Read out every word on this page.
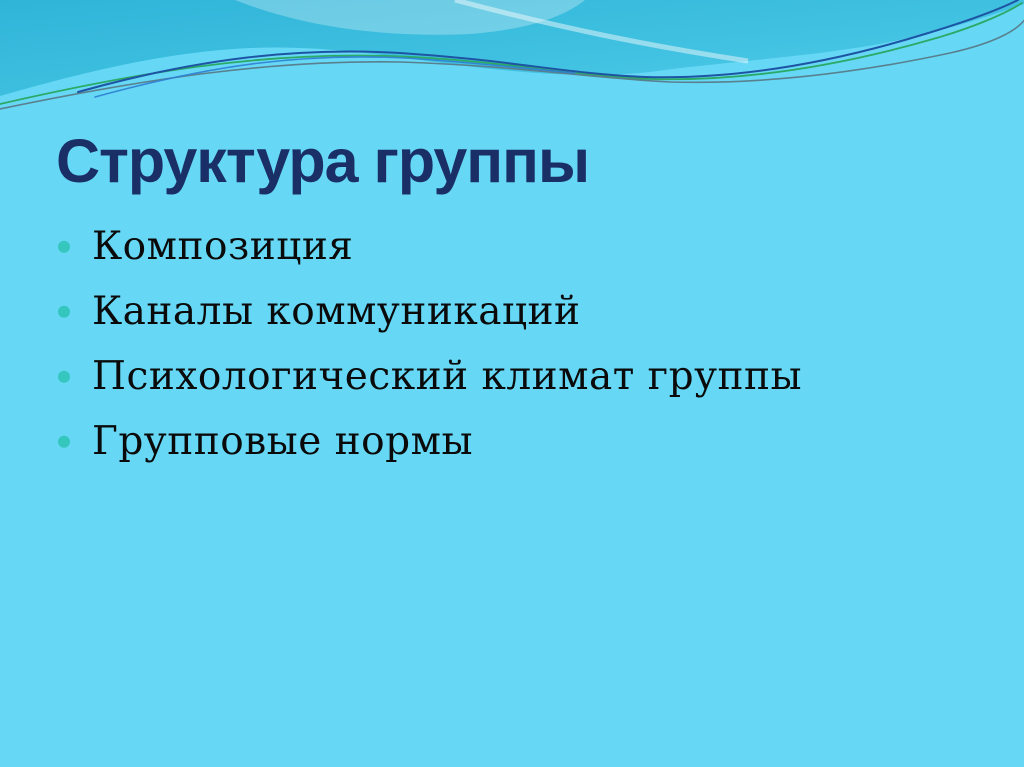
Структура группы
Композиция
Каналы коммуникаций
Психологический климат группы
Групповые нормы
